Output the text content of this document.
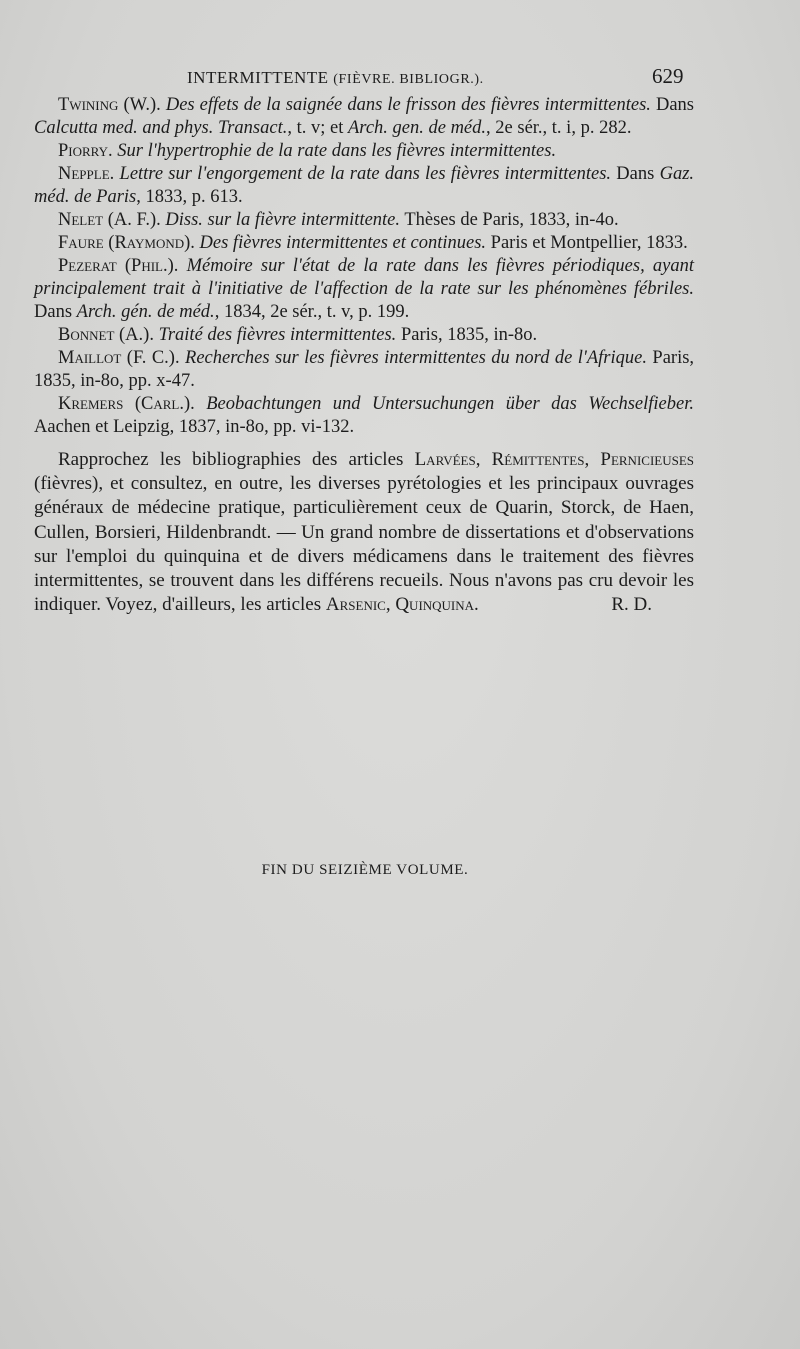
INTERMITTENTE (FIÈVRE. BIBLIOGR.).	629

Twining (W.). Des effets de la saignée dans le frisson des fièvres intermittentes. Dans Calcutta med. and phys. Transact., t. v; et Arch. gen. de méd., 2e sér., t. i, p. 282.

Piorry. Sur l'hypertrophie de la rate dans les fièvres intermittentes.

Nepple. Lettre sur l'engorgement de la rate dans les fièvres intermittentes. Dans Gaz. méd. de Paris, 1833, p. 613.

Nelet (A. F.). Diss. sur la fièvre intermittente. Thèses de Paris, 1833, in-4o.

Faure (Raymond). Des fièvres intermittentes et continues. Paris et Montpellier, 1833.

Pezerat (Phil.). Mémoire sur l'état de la rate dans les fièvres périodiques, ayant principalement trait à l'initiative de l'affection de la rate sur les phénomènes fébriles. Dans Arch. gén. de méd., 1834, 2e sér., t. v, p. 199.

Bonnet (A.). Traité des fièvres intermittentes. Paris, 1835, in-8o.

Maillot (F. C.). Recherches sur les fièvres intermittentes du nord de l'Afrique. Paris, 1835, in-8o, pp. x-47.

Kremers (Carl.). Beobachtungen und Untersuchungen über das Wechselfieber. Aachen et Leipzig, 1837, in-8o, pp. vi-132.

Rapprochez les bibliographies des articles Larvées, Rémittentes, Pernicieuses (fièvres), et consultez, en outre, les diverses pyrétologies et les principaux ouvrages généraux de médecine pratique, particulièrement ceux de Quarin, Storck, de Haen, Cullen, Borsieri, Hildenbrandt. — Un grand nombre de dissertations et d'observations sur l'emploi du quinquina et de divers médicamens dans le traitement des fièvres intermittentes, se trouvent dans les différens recueils. Nous n'avons pas cru devoir les indiquer. Voyez, d'ailleurs, les articles Arsenic, Quinquina.	R. D.

FIN DU SEIZIÈME VOLUME.
